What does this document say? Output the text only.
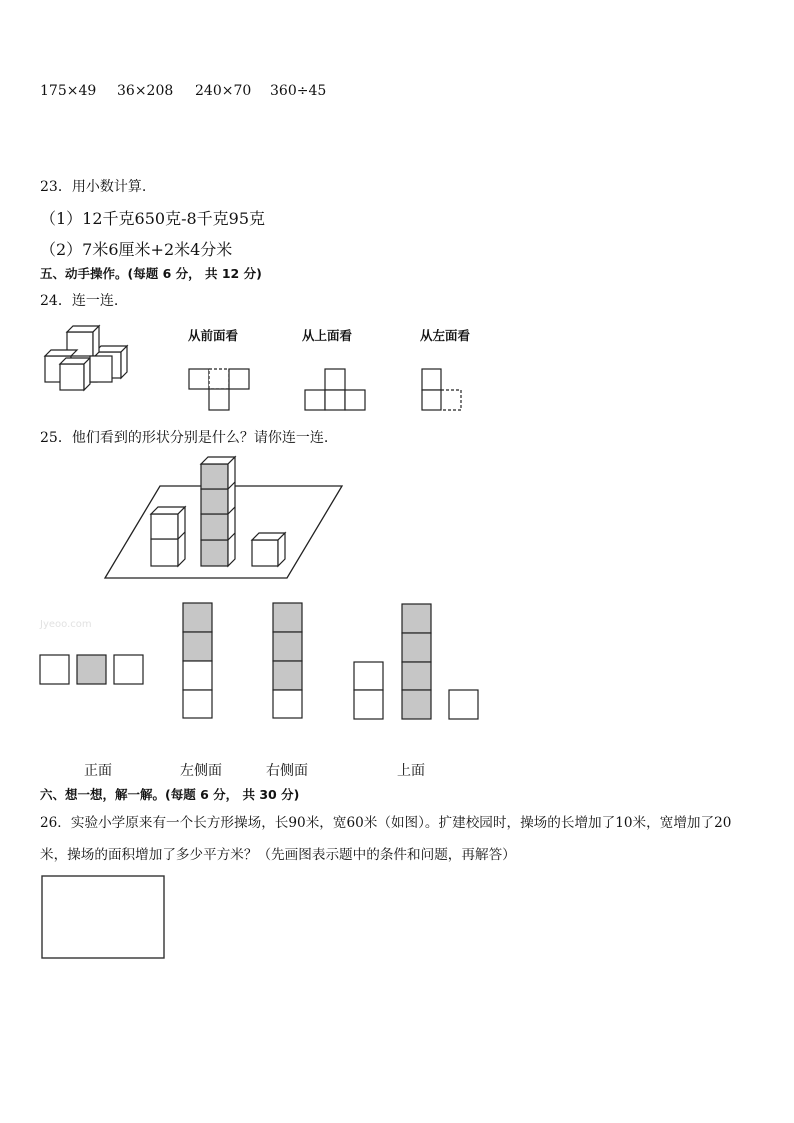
175×49 36×208 240×70 360÷45
23．用小数计算.
（1）12千克650克-8千克95克
（2）7米6厘米+2米4分米
五、动手操作。(每题 6 分， 共 12 分)
24．连一连.
从前面看	从上面看	从左面看
25．他们看到的形状分别是什么？请你连一连.
Jyeoo.com
正面	左侧面	右侧面	上面
六、想一想，解一解。(每题 6 分， 共 30 分)
26．实验小学原来有一个长方形操场，长90米，宽60米（如图）。扩建校园时，操场的长增加了10米，宽增加了20
米，操场的面积增加了多少平方米？（先画图表示题中的条件和问题，再解答）
